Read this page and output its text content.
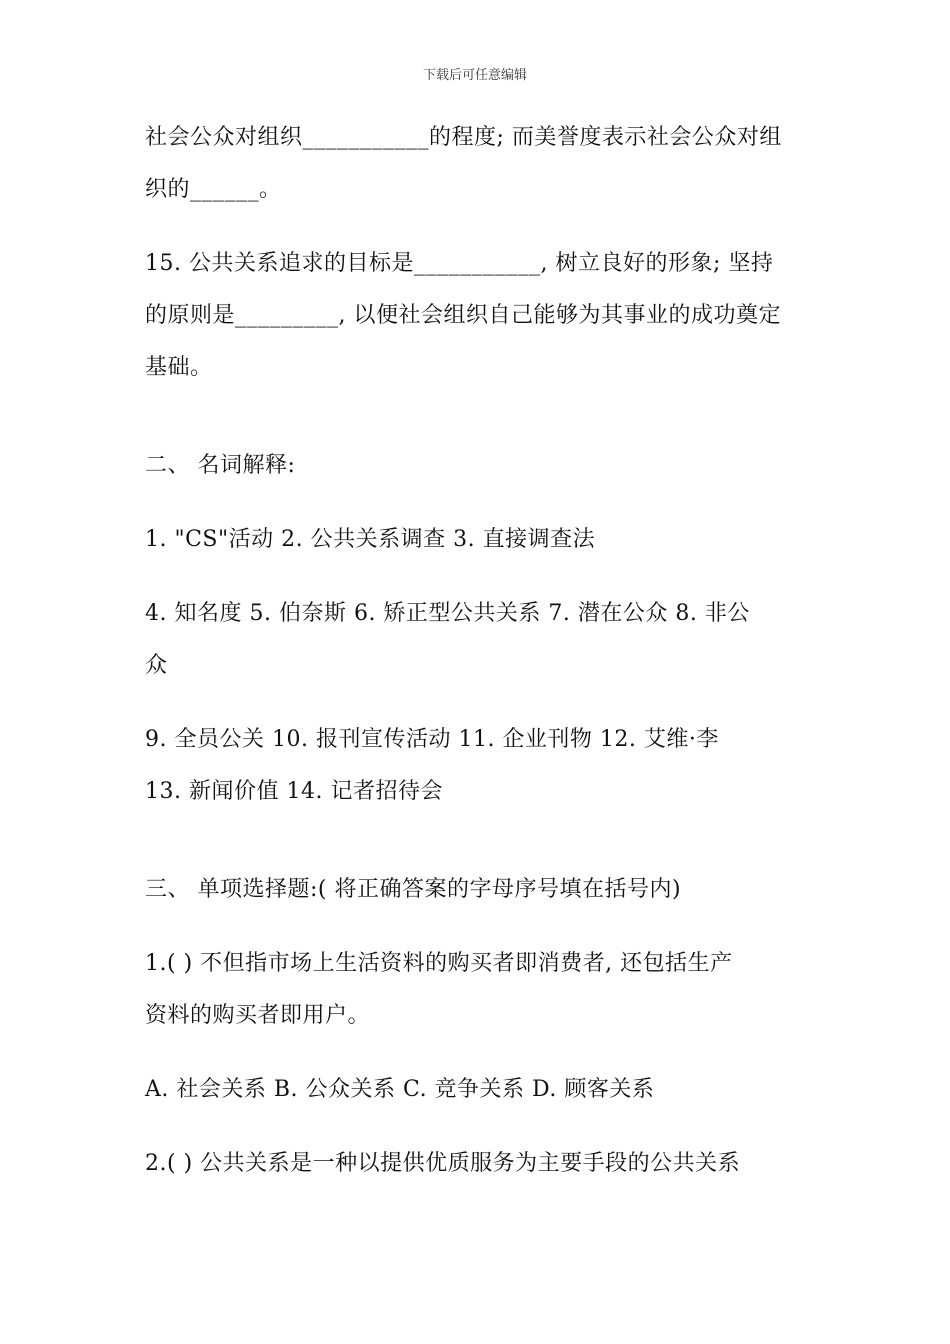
下载后可任意编辑
社会公众对组织___________的程度; 而美誉度表示社会公众对组
织的______。
15. 公共关系追求的目标是___________, 树立良好的形象; 坚持
的原则是_________, 以便社会组织自己能够为其事业的成功奠定
基础。
二、 名词解释:
1. "CS"活动 2. 公共关系调查 3. 直接调查法
4. 知名度 5. 伯奈斯 6. 矫正型公共关系 7. 潜在公众 8. 非公
众
9. 全员公关 10. 报刊宣传活动 11. 企业刊物 12. 艾维·李
13. 新闻价值 14. 记者招待会
三、 单项选择题:( 将正确答案的字母序号填在括号内)
1.( ) 不但指市场上生活资料的购买者即消费者, 还包括生产
资料的购买者即用户。
A. 社会关系 B. 公众关系 C. 竞争关系 D. 顾客关系
2.( ) 公共关系是一种以提供优质服务为主要手段的公共关系
